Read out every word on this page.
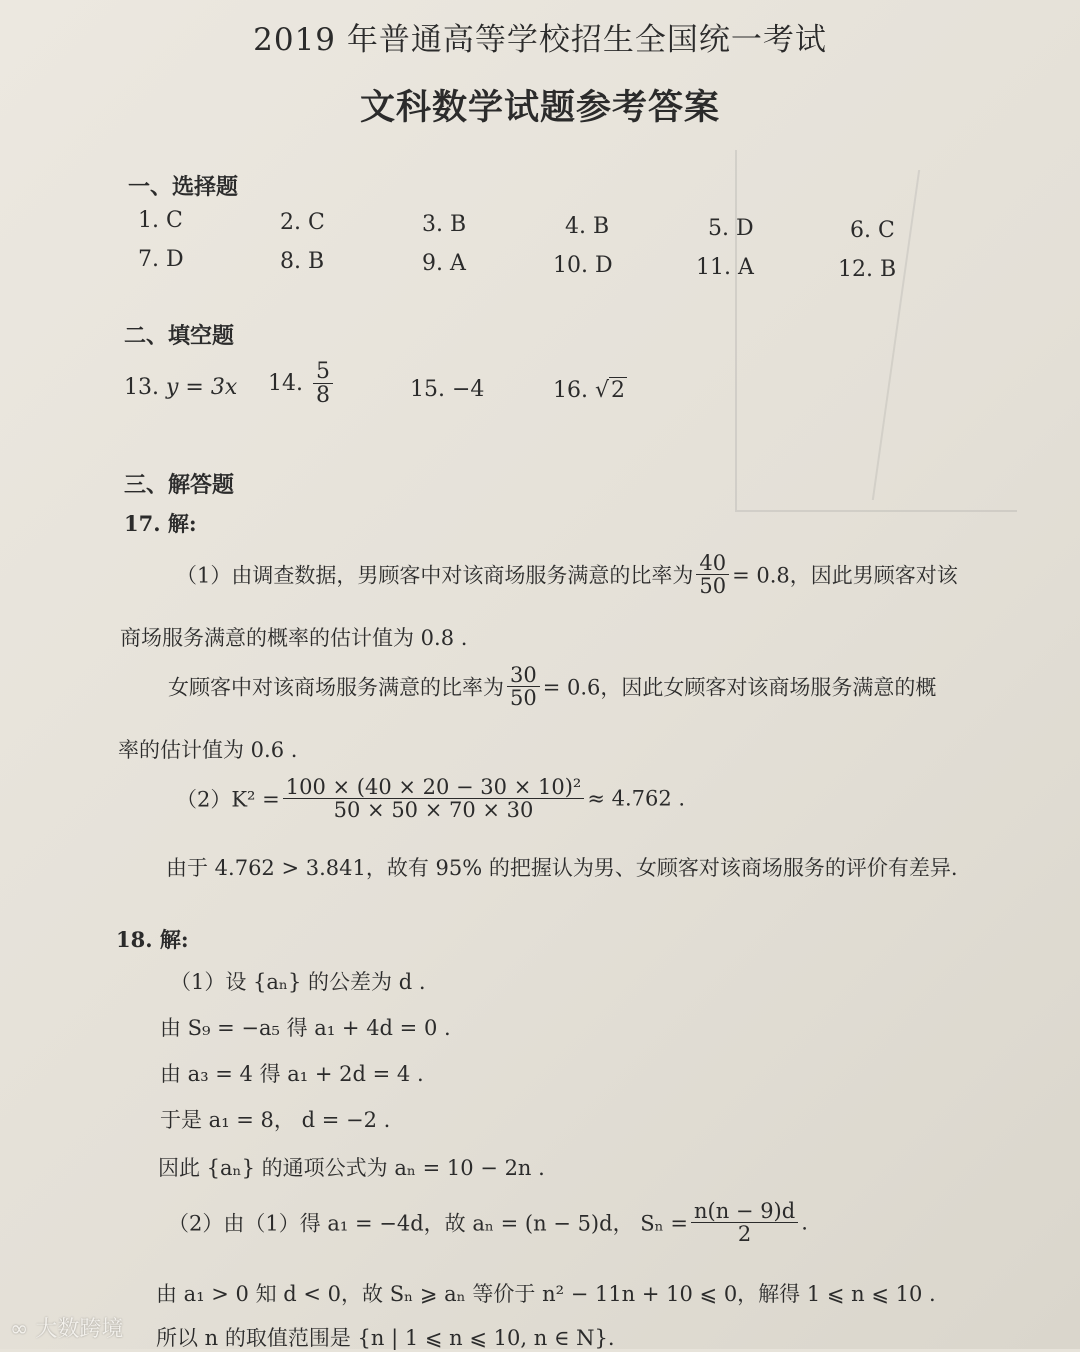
2019 年普通高等学校招生全国统一考试
文科数学试题参考答案
一、选择题
1. C	2. C	3. B	4. B	5. D	6. C
7. D	8. B	9. A	10. D	11. A	12. B
二、填空题
13. y = 3x 14. $\frac{5}{8}$	15. −4	16. √2
三、解答题
17. 解:
（1）由调查数据，男顾客中对该商场服务满意的比率为 $\frac{40}{50} = 0.8$，因此男顾客对该
商场服务满意的概率的估计值为 0.8 .
女顾客中对该商场服务满意的比率为 $\frac{30}{50} = 0.6$，因此女顾客对该商场服务满意的概
率的估计值为 0.6 .
$(2)K^2 = \frac{\text{100 × (40 × 20 − 30 × 10)²}}{50 \times 50 \times 70 \times 30} \approx 4.762$ .
由于 4.762 > 3.841，故有 95% 的把握认为男、女顾客对该商场服务的评价有差异.
18. 解:
（1）设 {aₙ} 的公差为 d .
由 S₉ = −a₅ 得 a₁ + 4d = 0 .
由 a₃ = 4 得 a₁ + 2d = 4 .
于是 a₁ = 8， d = −2 .
因此 {aₙ} 的通项公式为 aₙ = 10 − 2n .
（2）由（1）得 a₁ = −4d，故 aₙ = (n − 5)d， $S_n = \frac{n(n - 9)d}{2}$ .
由 a₁ > 0 知 d < 0，故 Sₙ ⩾ aₙ 等价于 n² − 11n + 10 ⩽ 0，解得 1 ⩽ n ⩽ 10 .
所以 n 的取值范围是 {n | 1 ⩽ n ⩽ 10, n ∈ N}.
∞ 大数跨境
